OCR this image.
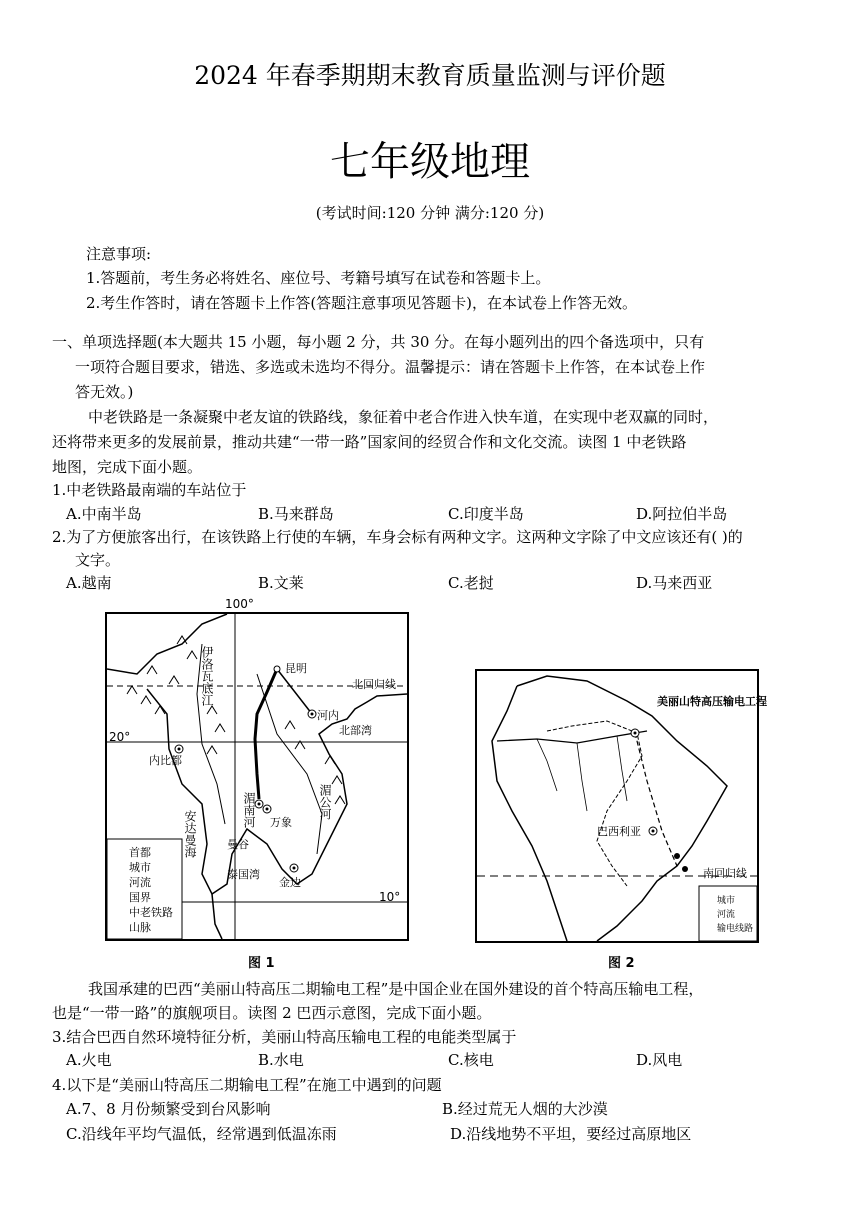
2024 年春季期期末教育质量监测与评价题
七年级地理
(考试时间:120 分钟 满分:120 分)
注意事项:
1.答题前，考生务必将姓名、座位号、考籍号填写在试卷和答题卡上。
2.考生作答时，请在答题卡上作答(答题注意事项见答题卡)，在本试卷上作答无效。
一、单项选择题(本大题共 15 小题，每小题 2 分，共 30 分。在每小题列出的四个备选项中，只有
一项符合题目要求，错选、多选或未选均不得分。温馨提示：请在答题卡上作答，在本试卷上作
答无效。)
中老铁路是一条凝聚中老友谊的铁路线，象征着中老合作进入快车道，在实现中老双赢的同时，
还将带来更多的发展前景，推动共建“一带一路”国家间的经贸合作和文化交流。读图 1 中老铁路
地图，完成下面小题。
1.中老铁路最南端的车站位于
A.中南半岛	B.马来群岛	C.印度半岛	D.阿拉伯半岛
2.为了方便旅客出行，在该铁路上行使的车辆，车身会标有两种文字。这两种文字除了中文应该还有( )的
文字。
A.越南	B.文莱	C.老挝	D.马来西亚
100°
昆明
北回归线
河内
北部湾
20°
内比都
万象
曼谷
金边
泰国湾
安达曼海
伊洛瓦底江
湄南河	湄公河
10°
首都
城市
河流
国界
中老铁路
山脉
图 1
美丽山特高压输电工程
巴西利亚
南回归线
城市
河流
输电线路
图 2
我国承建的巴西“美丽山特高压二期输电工程”是中国企业在国外建设的首个特高压输电工程，
也是“一带一路”的旗舰项目。读图 2 巴西示意图，完成下面小题。
3.结合巴西自然环境特征分析，美丽山特高压输电工程的电能类型属于
A.火电	B.水电	C.核电	D.风电
4.以下是“美丽山特高压二期输电工程”在施工中遇到的问题
A.7、8 月份频繁受到台风影响	B.经过荒无人烟的大沙漠
C.沿线年平均气温低，经常遇到低温冻雨	D.沿线地势不平坦，要经过高原地区
